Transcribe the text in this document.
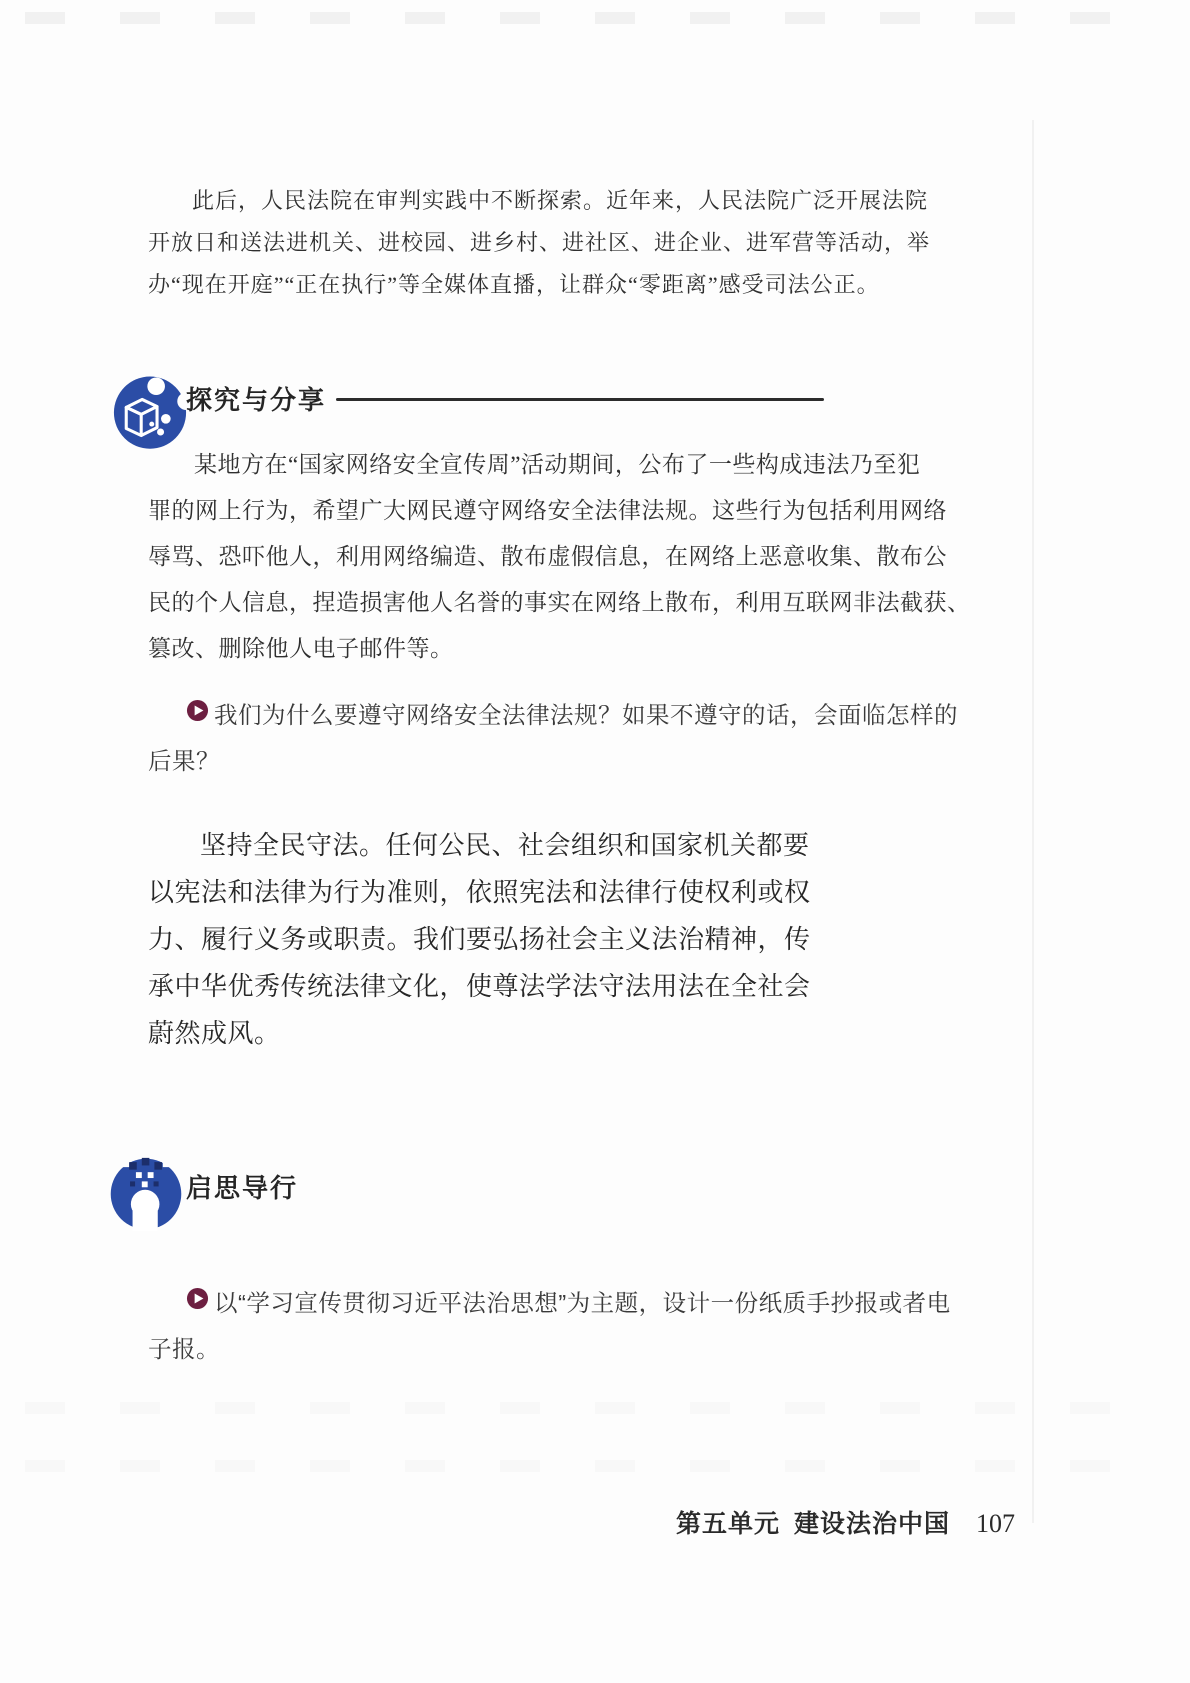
此后，人民法院在审判实践中不断探索。近年来，人民法院广泛开展法院
开放日和送法进机关、进校园、进乡村、进社区、进企业、进军营等活动，举
办“现在开庭”“正在执行”等全媒体直播，让群众“零距离”感受司法公正。
探究与分享
某地方在“国家网络安全宣传周”活动期间，公布了一些构成违法乃至犯
罪的网上行为，希望广大网民遵守网络安全法律法规。这些行为包括利用网络
辱骂、恐吓他人，利用网络编造、散布虚假信息，在网络上恶意收集、散布公
民的个人信息，捏造损害他人名誉的事实在网络上散布，利用互联网非法截获、
篡改、删除他人电子邮件等。
我们为什么要遵守网络安全法律法规？如果不遵守的话，会面临怎样的
后果？
坚持全民守法。任何公民、社会组织和国家机关都要
以宪法和法律为行为准则，依照宪法和法律行使权利或权
力、履行义务或职责。我们要弘扬社会主义法治精神，传
承中华优秀传统法律文化，使尊法学法守法用法在全社会
蔚然成风。
启思导行
以“学习宣传贯彻习近平法治思想”为主题，设计一份纸质手抄报或者电
子报。
第五单元 建设法治中国 107
